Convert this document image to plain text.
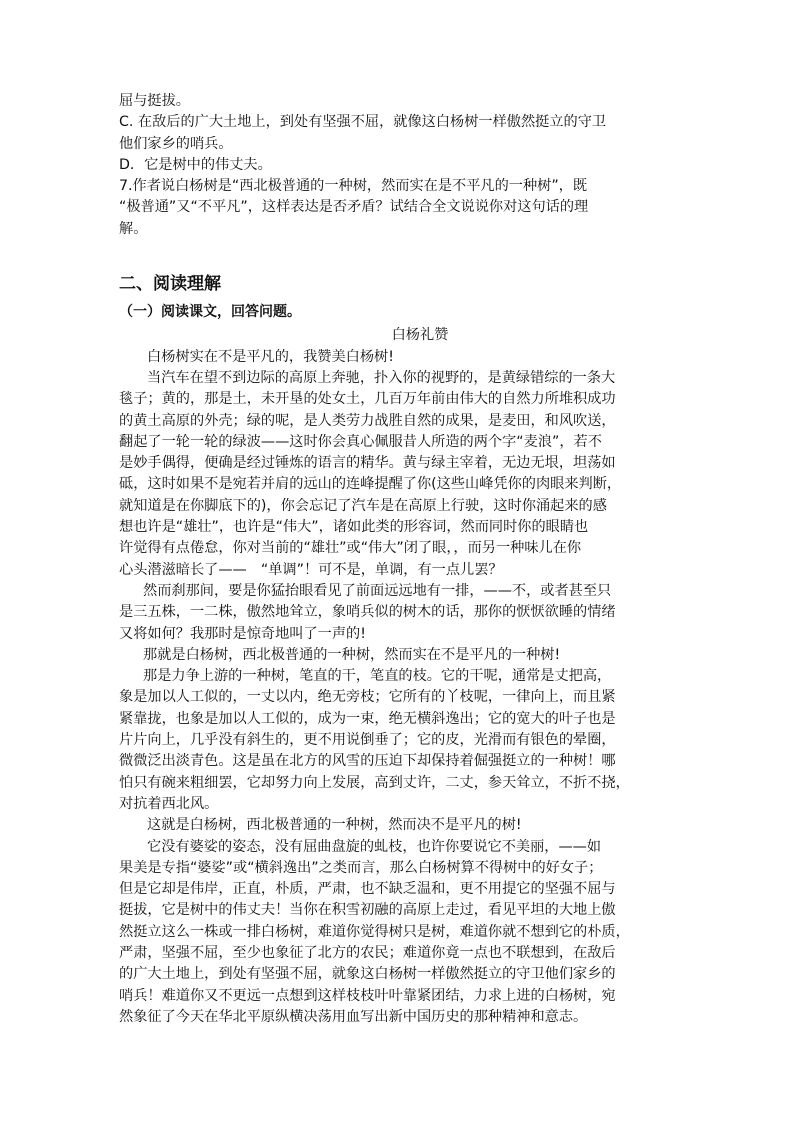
屈与挺拔。
C. 在敌后的广大土地上，到处有坚强不屈，就像这白杨树一样傲然挺立的守卫
他们家乡的哨兵。
D．它是树中的伟丈夫。
7.作者说白杨树是“西北极普通的一种树，然而实在是不平凡的一种树”，既
“极普通”又“不平凡”，这样表达是否矛盾？试结合全文说说你对这句话的理
解。
二、阅读理解
（一）阅读课文，回答问题。
白杨礼赞
白杨树实在不是平凡的，我赞美白杨树!
当汽车在望不到边际的高原上奔驰，扑入你的视野的，是黄绿错综的一条大
毯子；黄的，那是土，未开垦的处女土，几百万年前由伟大的自然力所堆积成功
的黄土高原的外壳；绿的呢，是人类劳力战胜自然的成果，是麦田，和风吹送，
翻起了一轮一轮的绿波——这时你会真心佩服昔人所造的两个字“麦浪”，若不
是妙手偶得，便确是经过锤炼的语言的精华。黄与绿主宰着，无边无垠，坦荡如
砥，这时如果不是宛若并肩的远山的连峰提醒了你(这些山峰凭你的肉眼来判断，
就知道是在你脚底下的)，你会忘记了汽车是在高原上行驶，这时你涌起来的感
想也许是“雄壮”，也许是“伟大”，诸如此类的形容词，然而同时你的眼睛也
许觉得有点倦怠，你对当前的“雄壮”或“伟大”闭了眼，，而另一种味儿在你
心头潜滋暗长了——　“单调”！可不是，单调，有一点儿罢？
然而刹那间，要是你猛抬眼看见了前面远远地有一排，——不，或者甚至只
是三五株，一二株，傲然地耸立，象哨兵似的树木的话，那你的恹恹欲睡的情绪
又将如何？我那时是惊奇地叫了一声的!
那就是白杨树，西北极普通的一种树，然而实在不是平凡的一种树!
那是力争上游的一种树，笔直的干，笔直的枝。它的干呢，通常是丈把高，
象是加以人工似的，一丈以内，绝无旁枝；它所有的丫枝呢，一律向上，而且紧
紧靠拢，也象是加以人工似的，成为一束，绝无横斜逸出；它的宽大的叶子也是
片片向上，几乎没有斜生的，更不用说倒垂了；它的皮，光滑而有银色的晕圈，
微微泛出淡青色。这是虽在北方的风雪的压迫下却保持着倔强挺立的一种树！哪
怕只有碗来粗细罢，它却努力向上发展，高到丈许，二丈，参天耸立，不折不挠，
对抗着西北风。
这就是白杨树，西北极普通的一种树，然而决不是平凡的树!
它没有婆娑的姿态，没有屈曲盘旋的虬枝，也许你要说它不美丽，——如
果美是专指“婆娑”或“横斜逸出”之类而言，那么白杨树算不得树中的好女子；
但是它却是伟岸，正直，朴质，严肃，也不缺乏温和，更不用提它的坚强不屈与
挺拔，它是树中的伟丈夫！当你在积雪初融的高原上走过，看见平坦的大地上傲
然挺立这么一株或一排白杨树，难道你觉得树只是树，难道你就不想到它的朴质，
严肃，坚强不屈，至少也象征了北方的农民；难道你竟一点也不联想到，在敌后
的广大土地上，到处有坚强不屈，就象这白杨树一样傲然挺立的守卫他们家乡的
哨兵！难道你又不更远一点想到这样枝枝叶叶靠紧团结，力求上进的白杨树，宛
然象征了今天在华北平原纵横决荡用血写出新中国历史的那种精神和意志。
